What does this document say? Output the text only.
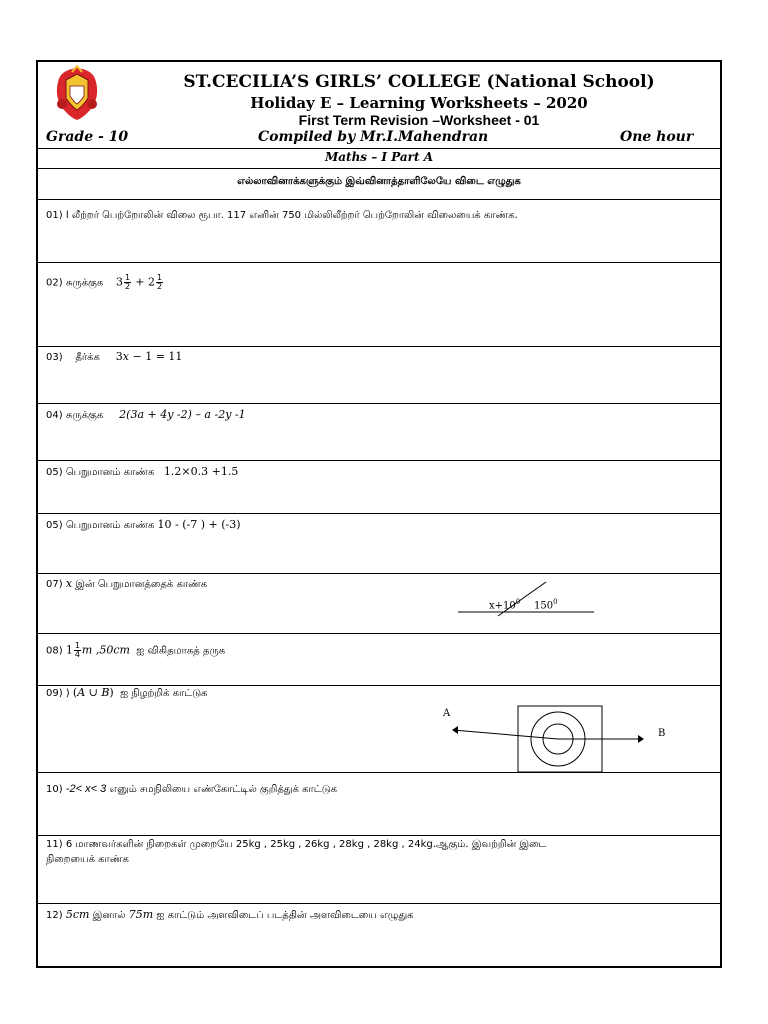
ST.CECILIA’S GIRLS’ COLLEGE (National School)
Holiday E – Learning Worksheets – 2020
First Term Revision –Worksheet - 01
Grade - 10	Compiled by Mr.I.Mahendran	One hour
Maths – I Part A
எல்லாவினாக்களுக்கும் இவ்வினாத்தாளிலேயே விடை எழுதுக
01) l லீற்றர் பெற்றோலின் விலை ரூபா. 117 எனின் 750 மில்லிலீற்றர் பெற்றோலின் விலையைக் காண்க.
02) சுருக்குக $3 \frac{1}{2} + 2 \frac{1}{2}$
03) தீர்க்க 3𝑥 − 1 = 11
04) சுருக்குக 2(3a + 4y -2) – a -2y -1
05) பெறுமானம் காண்க 1.2×0.3 +1.5
05) பெறுமானம் காண்க 10 - (-7 ) + (-3)
07) 𝑥 இன் பெறுமானத்தைக் காண்க
$x+10^0$ $150^0$
08) $1 \frac{1}{4}$ 𝑚 ,50𝑐𝑚 ஐ விகிதமாகத் தருக
09) ) (𝐴 ∪ 𝐵) ஐ நிழற்றிக் காட்டுக
A
B
10) -2< x< 3 எனும் சமநிலியை எண்கோட்டில் குறித்துக் காட்டுக
11) 6 மாணவர்களின் நிறைகள் முறையே 25kg , 25kg , 26kg , 28kg , 28kg , 24kg.ஆகும். இவற்றின் இடை
நிறையைக் காண்க
12) 5cm இனால் 75m ஐ காட்டும் அளவிடைப் படத்தின் அளவிடையை எழுதுக
